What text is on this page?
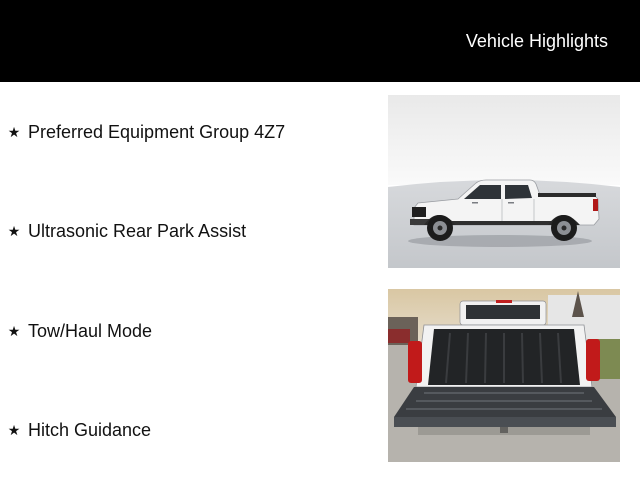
Vehicle Highlights
★ Preferred Equipment Group 4Z7
★ Ultrasonic Rear Park Assist
★ Tow/Haul Mode
★ Hitch Guidance
